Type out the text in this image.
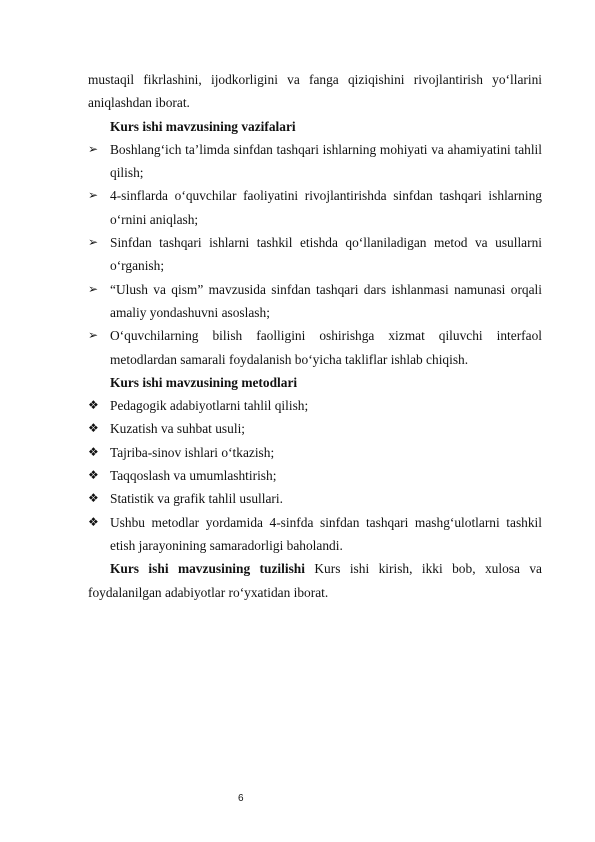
mustaqil fikrlashini, ijodkorligini va fanga qiziqishini rivojlantirish yo‘llarini aniqlashdan iborat.

Kurs ishi mavzusining vazifalari

➢ Boshlang‘ich ta’limda sinfdan tashqari ishlarning mohiyati va ahamiyatini tahlil qilish;
➢ 4-sinflarda o‘quvchilar faoliyatini rivojlantirishda sinfdan tashqari ishlarning o‘rnini aniqlash;
➢ Sinfdan tashqari ishlarni tashkil etishda qo‘llaniladigan metod va usullarni o‘rganish;
➢ “Ulush va qism” mavzusida sinfdan tashqari dars ishlanmasi namunasi orqali amaliy yondashuvni asoslash;
➢ O‘quvchilarning bilish faolligini oshirishga xizmat qiluvchi interfaol metodlardan samarali foydalanish bo‘yicha takliflar ishlab chiqish.

Kurs ishi mavzusining metodlari

❖ Pedagogik adabiyotlarni tahlil qilish;
❖ Kuzatish va suhbat usuli;
❖ Tajriba-sinov ishlari o‘tkazish;
❖ Taqqoslash va umumlashtirish;
❖ Statistik va grafik tahlil usullari.
❖ Ushbu metodlar yordamida 4-sinfda sinfdan tashqari mashg‘ulotlarni tashkil etish jarayonining samaradorligi baholandi.

Kurs ishi mavzusining tuzilishi Kurs ishi kirish, ikki bob, xulosa va foydalanilgan adabiyotlar ro‘yxatidan iborat.

6
